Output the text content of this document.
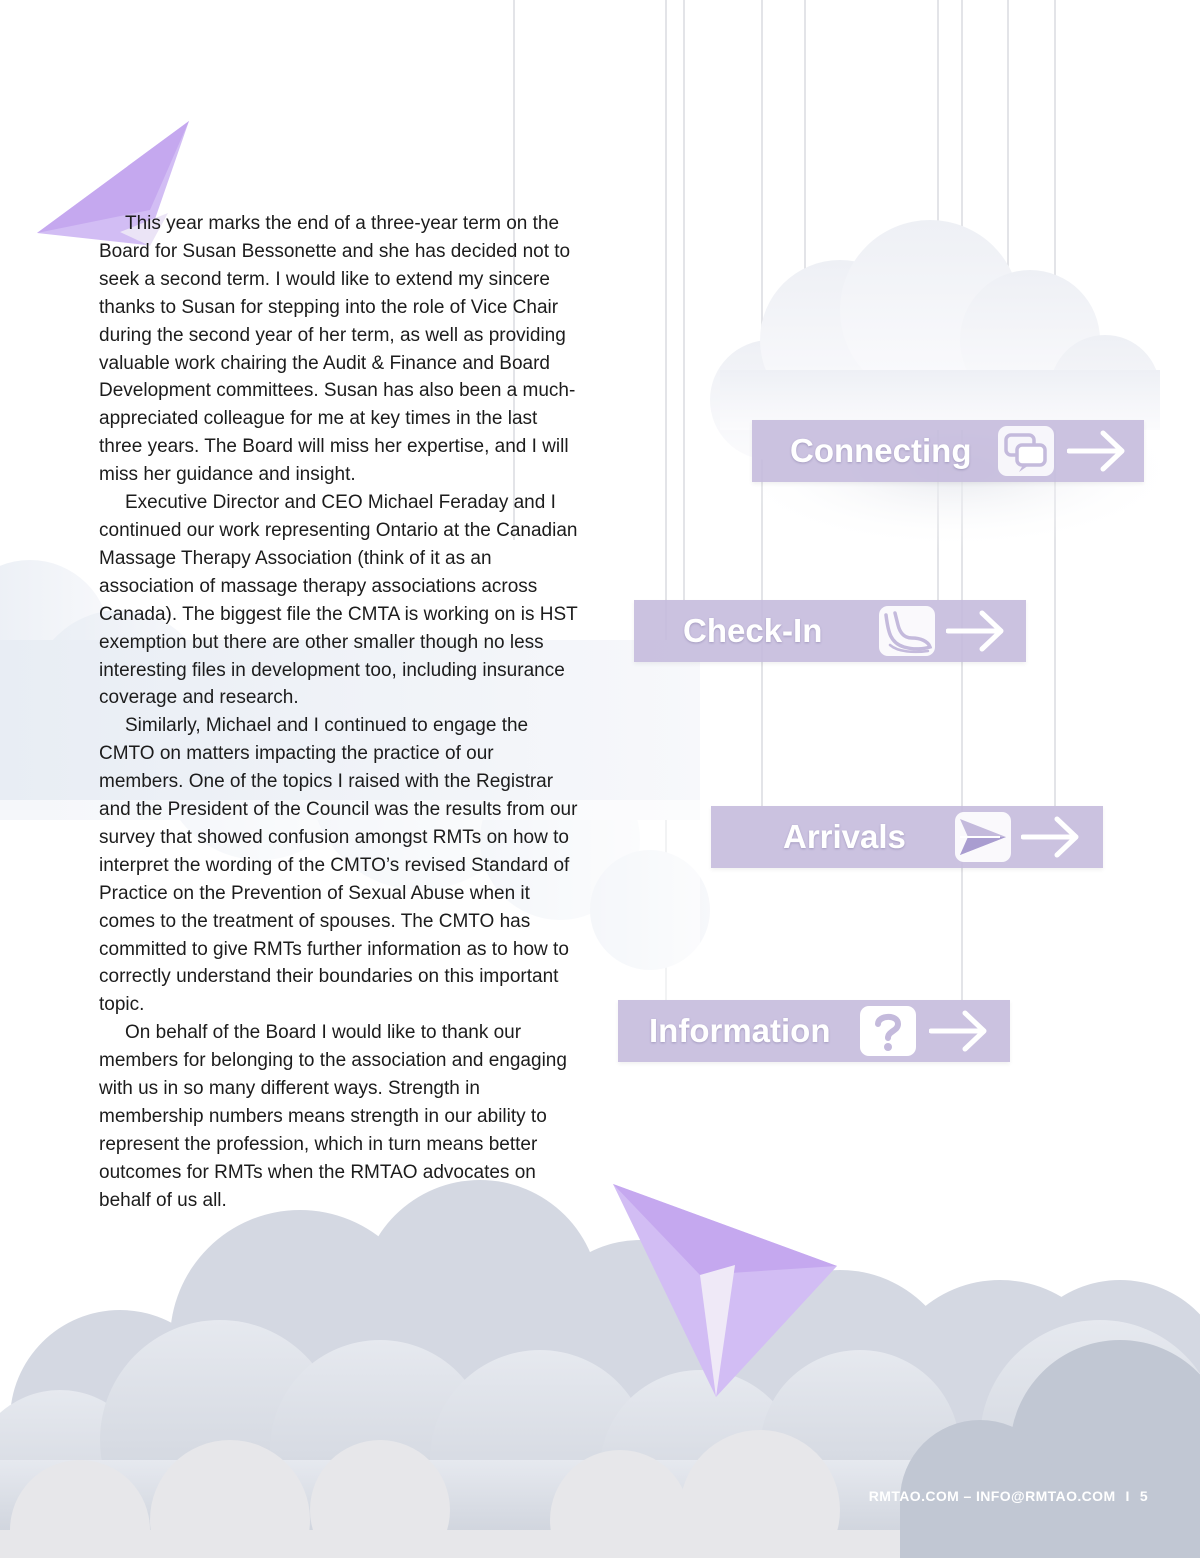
This year marks the end of a three-year term on the Board for Susan Bessonette and she has decided not to seek a second term. I would like to extend my sincere thanks to Susan for stepping into the role of Vice Chair during the second year of her term, as well as providing valuable work chairing the Audit & Finance and Board Development committees. Susan has also been a much-appreciated colleague for me at key times in the last three years. The Board will miss her expertise, and I will miss her guidance and insight.

Executive Director and CEO Michael Feraday and I continued our work representing Ontario at the Canadian Massage Therapy Association (think of it as an association of massage therapy associations across Canada). The biggest file the CMTA is working on is HST exemption but there are other smaller though no less interesting files in development too, including insurance coverage and research.

Similarly, Michael and I continued to engage the CMTO on matters impacting the practice of our members. One of the topics I raised with the Registrar and the President of the Council was the results from our survey that showed confusion amongst RMTs on how to interpret the wording of the CMTO’s revised Standard of Practice on the Prevention of Sexual Abuse when it comes to the treatment of spouses. The CMTO has committed to give RMTs further information as to how to correctly understand their boundaries on this important topic.

On behalf of the Board I would like to thank our members for belonging to the association and engaging with us in so many different ways. Strength in membership numbers means strength in our ability to represent the profession, which in turn means better outcomes for RMTs when the RMTAO advocates on behalf of us all.

Connecting
Check-In
Arrivals
Information
RMTAO.COM – INFO@RMTAO.COM I 5
